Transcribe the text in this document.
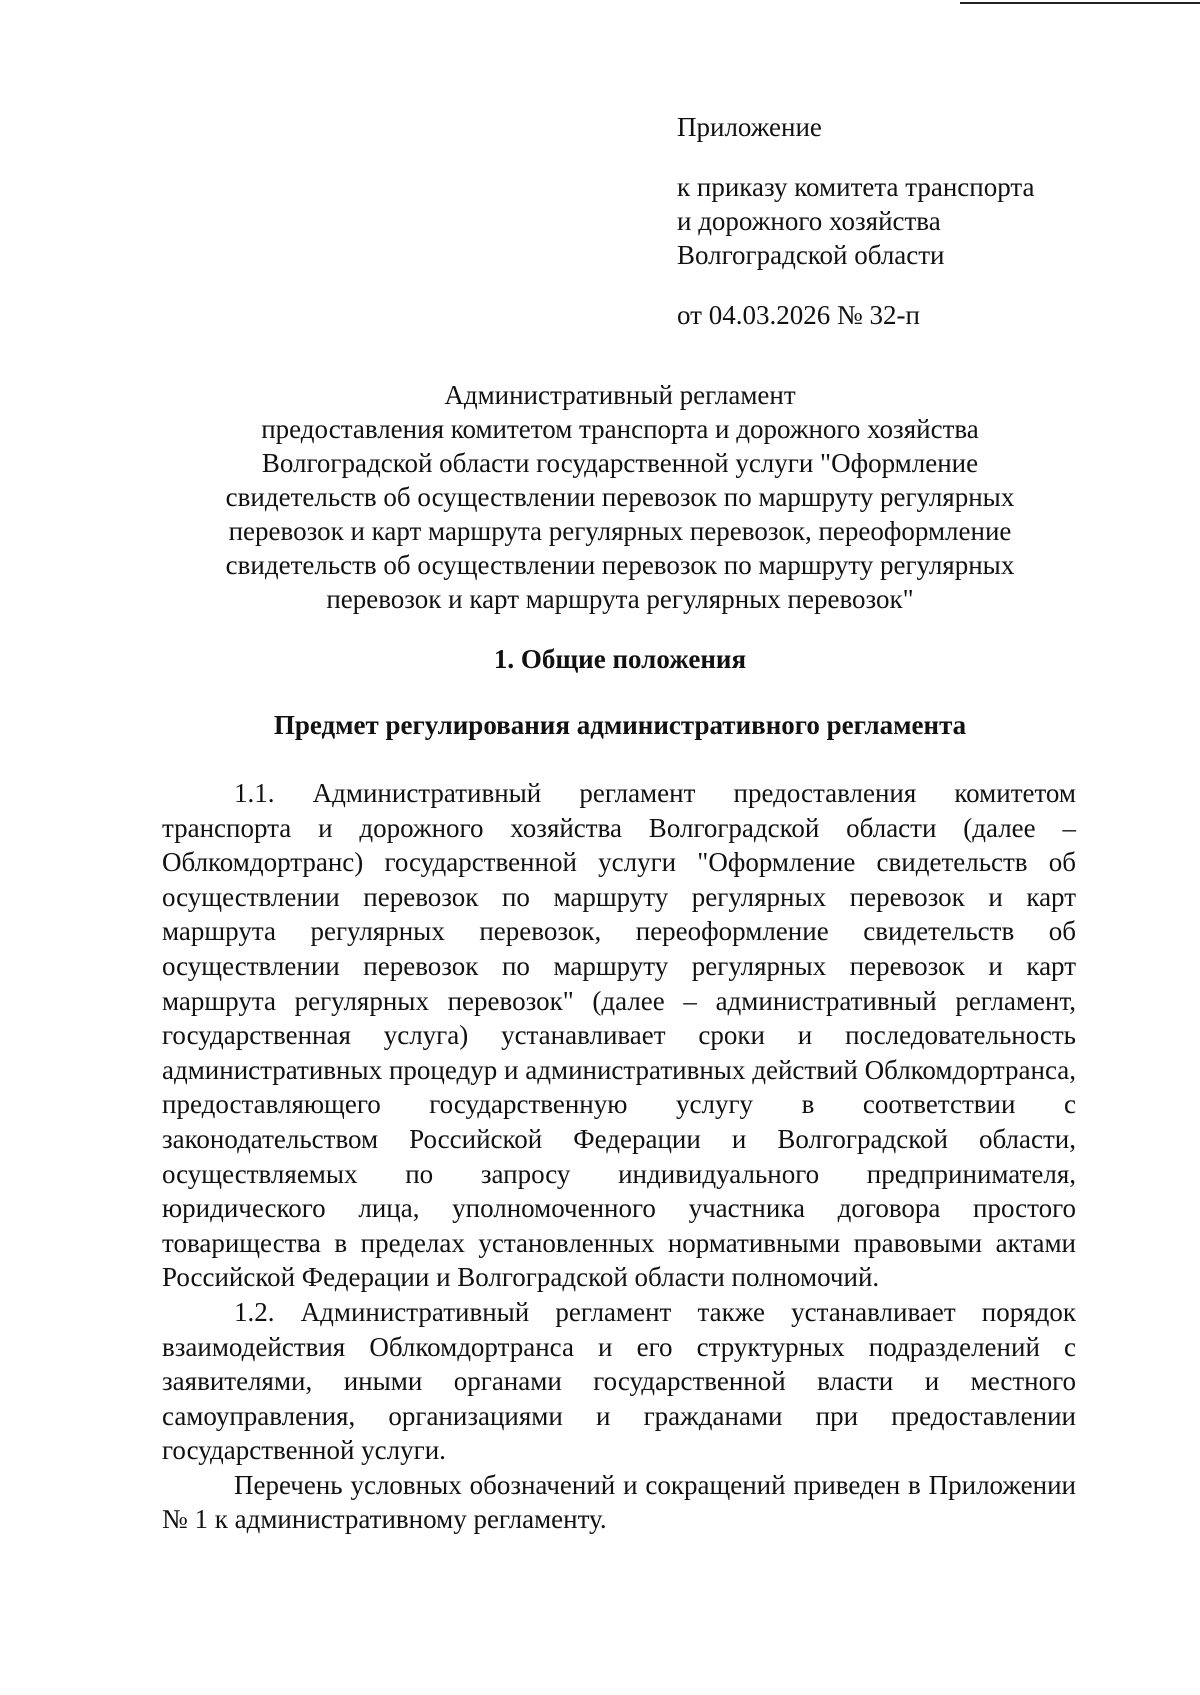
Приложение
к приказу комитета транспорта
и дорожного хозяйства
Волгоградской области
от 04.03.2026 № 32-п
Административный регламент
предоставления комитетом транспорта и дорожного хозяйства
Волгоградской области государственной услуги "Оформление
свидетельств об осуществлении перевозок по маршруту регулярных
перевозок и карт маршрута регулярных перевозок, переоформление
свидетельств об осуществлении перевозок по маршруту регулярных
перевозок и карт маршрута регулярных перевозок"
1. Общие положения
Предмет регулирования административного регламента

1.1. Административный регламент предоставления комитетом транспорта и дорожного хозяйства Волгоградской области (далее – Облкомдортранс) государственной услуги "Оформление свидетельств об осуществлении перевозок по маршруту регулярных перевозок и карт маршрута регулярных перевозок, переоформление свидетельств об осуществлении перевозок по маршруту регулярных перевозок и карт маршрута регулярных перевозок" (далее – административный регламент, государственная услуга) устанавливает сроки и последовательность административных процедур и административных действий Облкомдортранса, предоставляющего государственную услугу в соответствии с законодательством Российской Федерации и Волгоградской области, осуществляемых по запросу индивидуального предпринимателя, юридического лица, уполномоченного участника договора простого товарищества в пределах установленных нормативными правовыми актами Российской Федерации и Волгоградской области полномочий.

1.2. Административный регламент также устанавливает порядок взаимодействия Облкомдортранса и его структурных подразделений с заявителями, иными органами государственной власти и местного самоуправления, организациями и гражданами при предоставлении государственной услуги.

Перечень условных обозначений и сокращений приведен в Приложении № 1 к административному регламенту.
